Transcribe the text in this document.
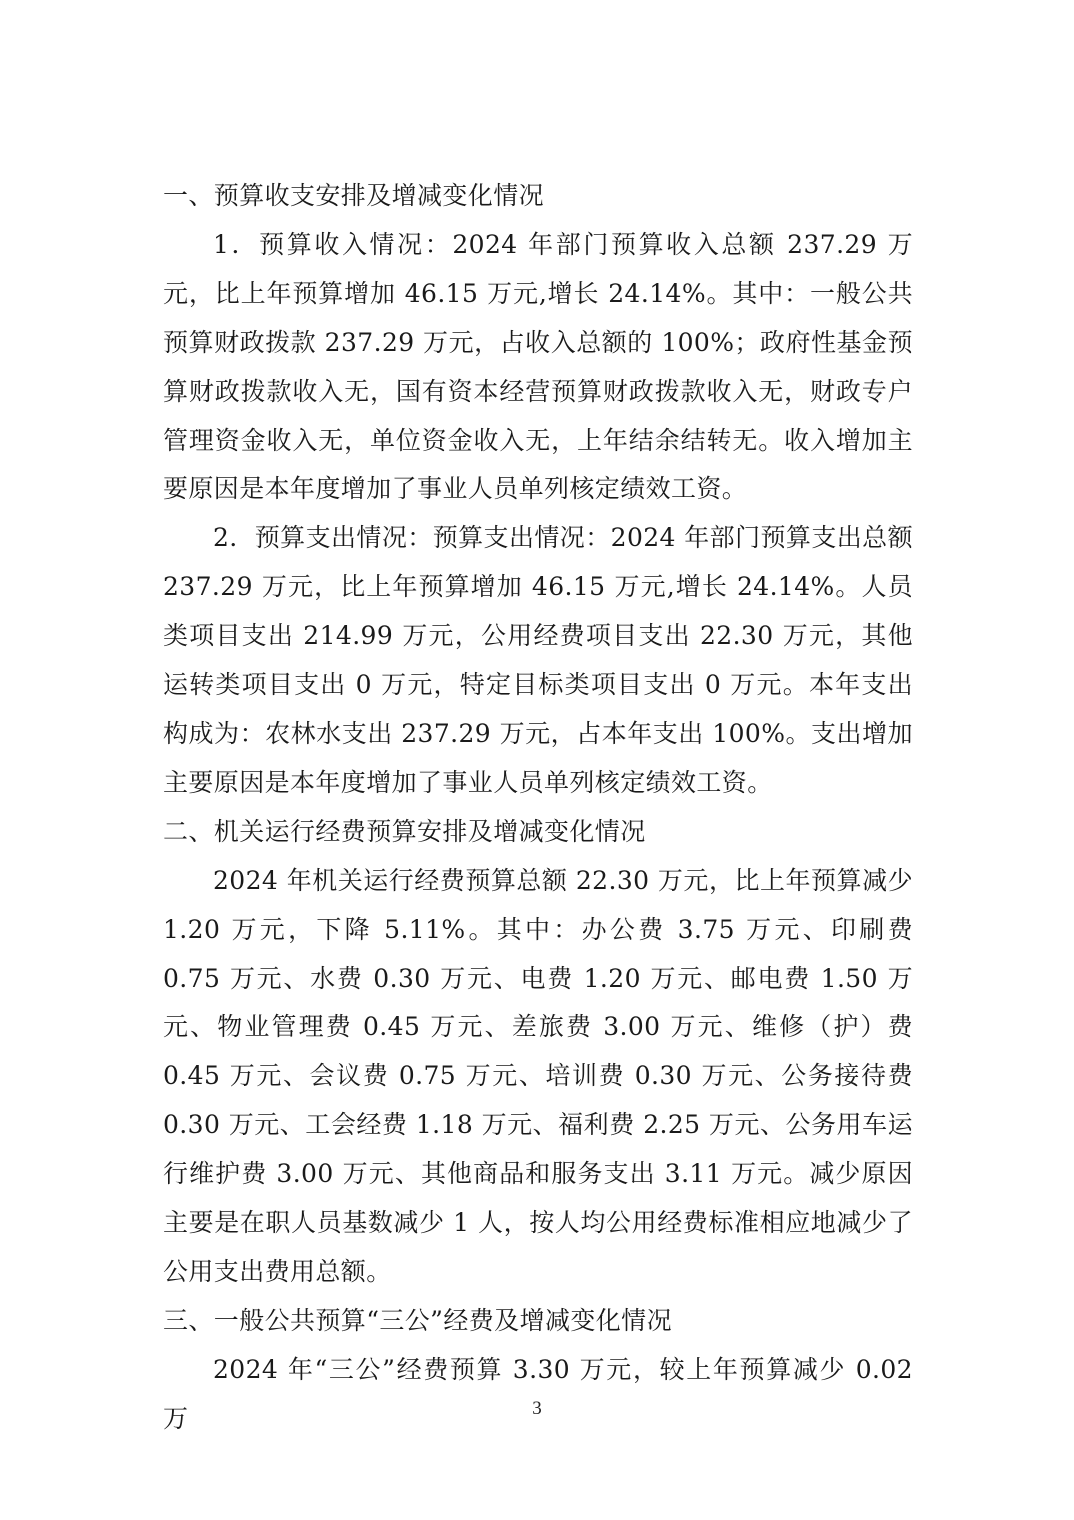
一、预算收支安排及增减变化情况

1．预算收入情况：2024 年部门预算收入总额 237.29 万元，比上年预算增加 46.15 万元,增长 24.14%。其中：一般公共预算财政拨款 237.29 万元，占收入总额的 100%；政府性基金预算财政拨款收入无，国有资本经营预算财政拨款收入无，财政专户管理资金收入无，单位资金收入无，上年结余结转无。收入增加主要原因是本年度增加了事业人员单列核定绩效工资。

2．预算支出情况：预算支出情况：2024 年部门预算支出总额 237.29 万元，比上年预算增加 46.15 万元,增长 24.14%。人员类项目支出 214.99 万元，公用经费项目支出 22.30 万元，其他运转类项目支出 0 万元，特定目标类项目支出 0 万元。本年支出构成为：农林水支出 237.29 万元，占本年支出 100%。支出增加主要原因是本年度增加了事业人员单列核定绩效工资。

二、机关运行经费预算安排及增减变化情况

2024 年机关运行经费预算总额 22.30 万元，比上年预算减少 1.20 万元，下降 5.11%。其中：办公费 3.75 万元、印刷费 0.75 万元、水费 0.30 万元、电费 1.20 万元、邮电费 1.50 万元、物业管理费 0.45 万元、差旅费 3.00 万元、维修（护）费 0.45 万元、会议费 0.75 万元、培训费 0.30 万元、公务接待费 0.30 万元、工会经费 1.18 万元、福利费 2.25 万元、公务用车运行维护费 3.00 万元、其他商品和服务支出 3.11 万元。减少原因主要是在职人员基数减少 1 人，按人均公用经费标准相应地减少了公用支出费用总额。

三、一般公共预算“三公”经费及增减变化情况

2024 年“三公”经费预算 3.30 万元，较上年预算减少 0.02 万	3
